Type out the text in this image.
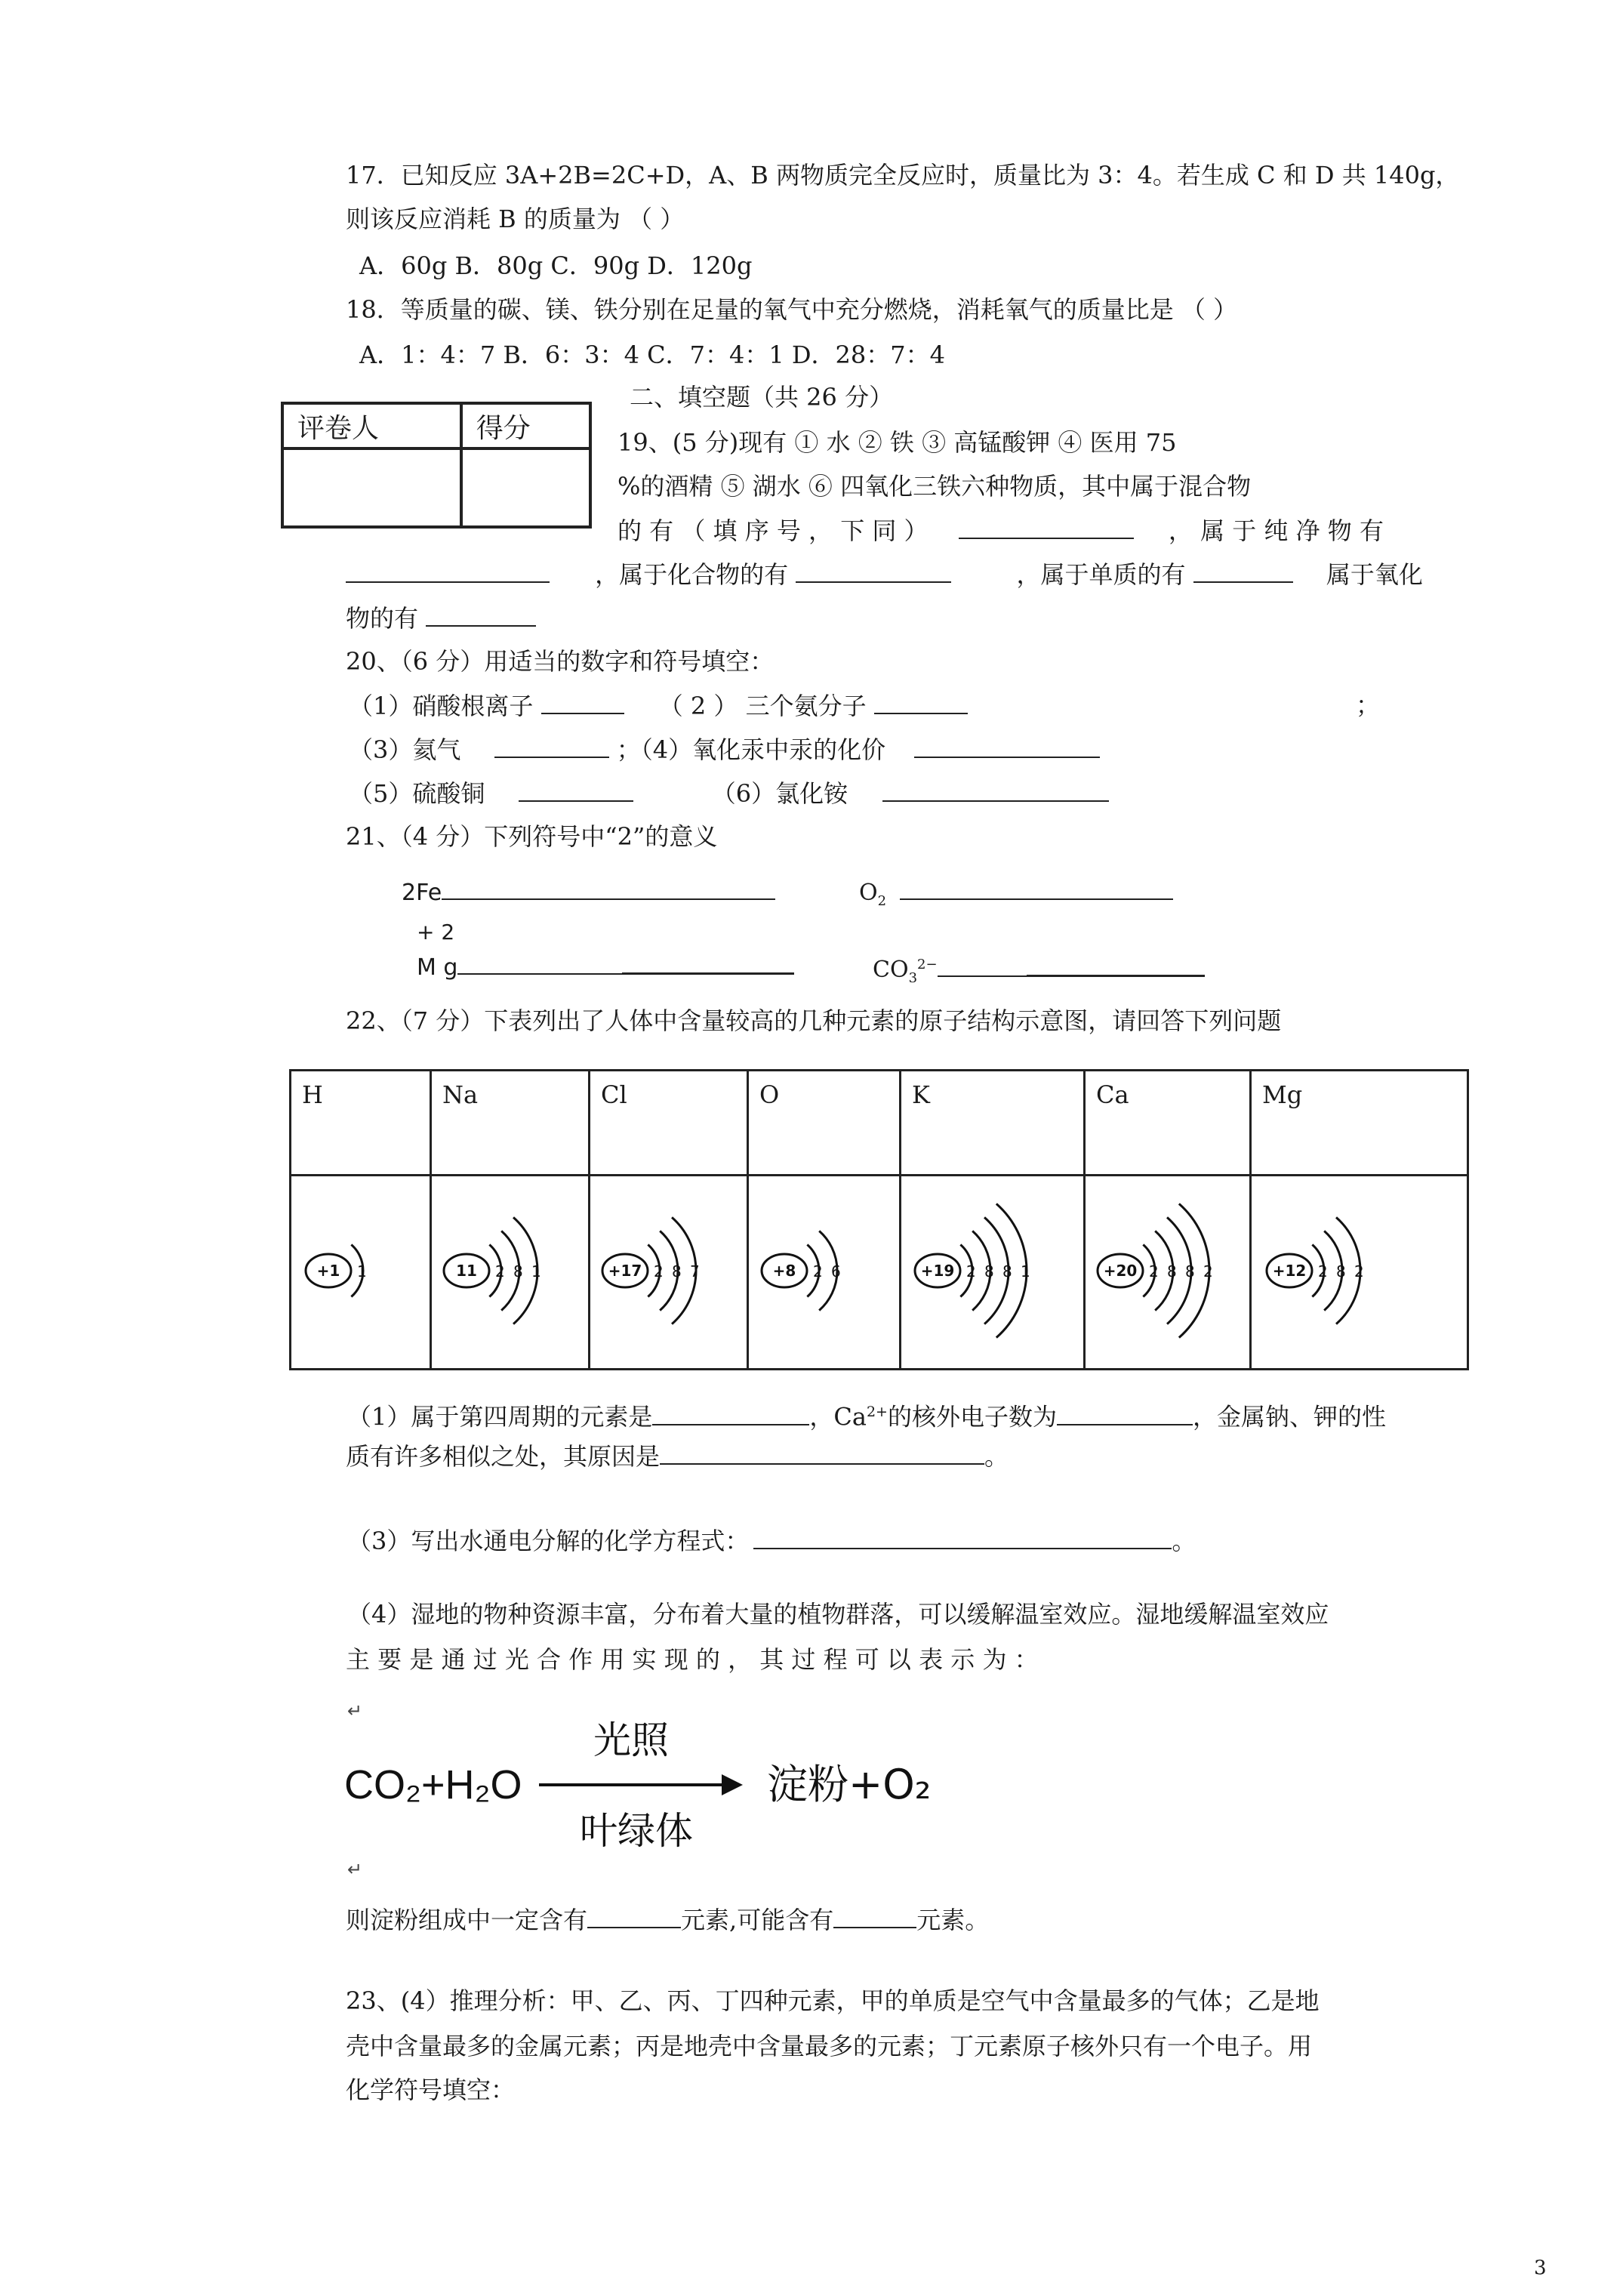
17．已知反应 3A+2B=2C+D，A、B 两物质完全反应时，质量比为 3：4。若生成 C 和 D 共 140g，
则该反应消耗 B 的质量为 （ ）
A．60g B．80g C．90g D．120g
18．等质量的碳、镁、铁分别在足量的氧气中充分燃烧，消耗氧气的质量比是 （ ）
A．1：4：7 B．6：3：4 C．7：4：1 D．28：7：4
评卷人	得分

二、填空题（共 26 分）
19、(5 分)现有 ① 水 ② 铁 ③ 高锰酸钾 ④ 医用 75
%的酒精 ⑤ 湖水 ⑥ 四氧化三铁六种物质，其中属于混合物
的 有 （ 填 序 号 ， 下 同 ）	， 属 于 纯 净 物 有
，属于化合物的有	，属于单质的有	属于氧化
物的有
20、（6 分）用适当的数字和符号填空：
（1）硝酸根离子	（ 2 ） 三个氨分子	；
（3）氦气	；（4）氧化汞中汞的化价
（5）硫酸铜	（6）氯化铵
21、（4 分）下列符号中“2”的意义
2Fe	$O_2$
+ 2
M g	$CO_3^{2-}$
22、（7 分）下表列出了人体中含量较高的几种元素的原子结构示意图，请回答下列问题
H	Na	Cl	O	K	Ca	Mg

+1 1	11 2 8 1	+17 2 8 7	+8 2 6	+19 2 8 8 1	+20 2 8 8 2	+12 2 8 2
（1）属于第四周期的元素是	，$Ca^{2+}$的核外电子数为	，金属钠、钾的性
质有许多相似之处，其原因是	。
（3）写出水通电分解的化学方程式：	。
（4）湿地的物种资源丰富，分布着大量的植物群落，可以缓解温室效应。湿地缓解温室效应
主 要 是 通 过 光 合 作 用 实 现 的 ， 其 过 程 可 以 表 示 为 ：
↵
CO₂+H₂O
光照
叶绿体
淀粉+O₂
↵
则淀粉组成中一定含有	元素,可能含有	元素。
23、(4）推理分析：甲、乙、丙、丁四种元素，甲的单质是空气中含量最多的气体；乙是地
壳中含量最多的金属元素；丙是地壳中含量最多的元素；丁元素原子核外只有一个电子。用
化学符号填空：
3
